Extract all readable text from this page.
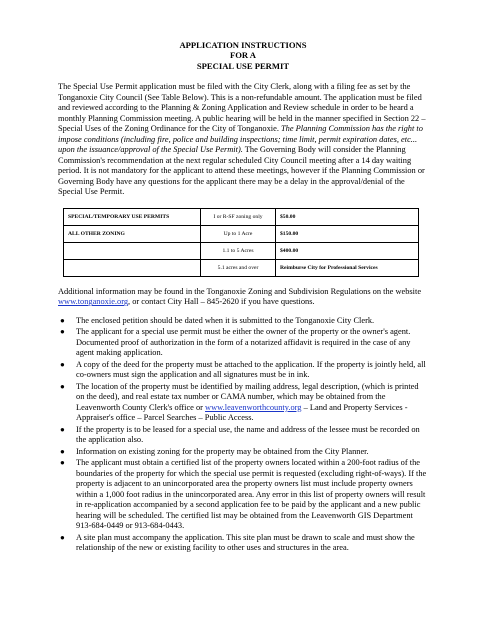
APPLICATION INSTRUCTIONS
FOR A
SPECIAL USE PERMIT
The Special Use Permit application must be filed with the City Clerk, along with a filing fee as set by the Tonganoxie City Council (See Table Below). This is a non-refundable amount. The application must be filed and reviewed according to the Planning & Zoning Application and Review schedule in order to be heard a monthly Planning Commission meeting. A public hearing will be held in the manner specified in Section 22 – Special Uses of the Zoning Ordinance for the City of Tonganoxie. The Planning Commission has the right to impose conditions (including fire, police and building inspections; time limit, permit expiration dates, etc... upon the issuance/approval of the Special Use Permit). The Governing Body will consider the Planning Commission's recommendation at the next regular scheduled City Council meeting after a 14 day waiting period. It is not mandatory for the applicant to attend these meetings, however if the Planning Commission or Governing Body have any questions for the applicant there may be a delay in the approval/denial of the Special Use Permit.
SPECIAL/TEMPORARY USE PERMITS	I or R-SF zoning only	$50.00
ALL OTHER ZONING	Up to 1 Acre	$150.00
	1.1 to 5 Acres	$400.00
	5.1 acres and over	Reimburse City for Professional Services
Additional information may be found in the Tonganoxie Zoning and Subdivision Regulations on the website www.tonganoxie.org, or contact City Hall – 845-2620 if you have questions.
● The enclosed petition should be dated when it is submitted to the Tonganoxie City Clerk.
● The applicant for a special use permit must be either the owner of the property or the owner's agent. Documented proof of authorization in the form of a notarized affidavit is required in the case of any agent making application.
● A copy of the deed for the property must be attached to the application. If the property is jointly held, all co-owners must sign the application and all signatures must be in ink.
● The location of the property must be identified by mailing address, legal description, (which is printed on the deed), and real estate tax number or CAMA number, which may be obtained from the Leavenworth County Clerk's office or www.leavenworthcounty.org – Land and Property Services - Appraiser's office – Parcel Searches – Public Access.
● If the property is to be leased for a special use, the name and address of the lessee must be recorded on the application also.
● Information on existing zoning for the property may be obtained from the City Planner.
● The applicant must obtain a certified list of the property owners located within a 200-foot radius of the boundaries of the property for which the special use permit is requested (excluding right-of-ways). If the property is adjacent to an unincorporated area the property owners list must include property owners within a 1,000 foot radius in the unincorporated area. Any error in this list of property owners will result in re-application accompanied by a second application fee to be paid by the applicant and a new public hearing will be scheduled. The certified list may be obtained from the Leavenworth GIS Department 913-684-0449 or 913-684-0443.
● A site plan must accompany the application. This site plan must be drawn to scale and must show the relationship of the new or existing facility to other uses and structures in the area.
